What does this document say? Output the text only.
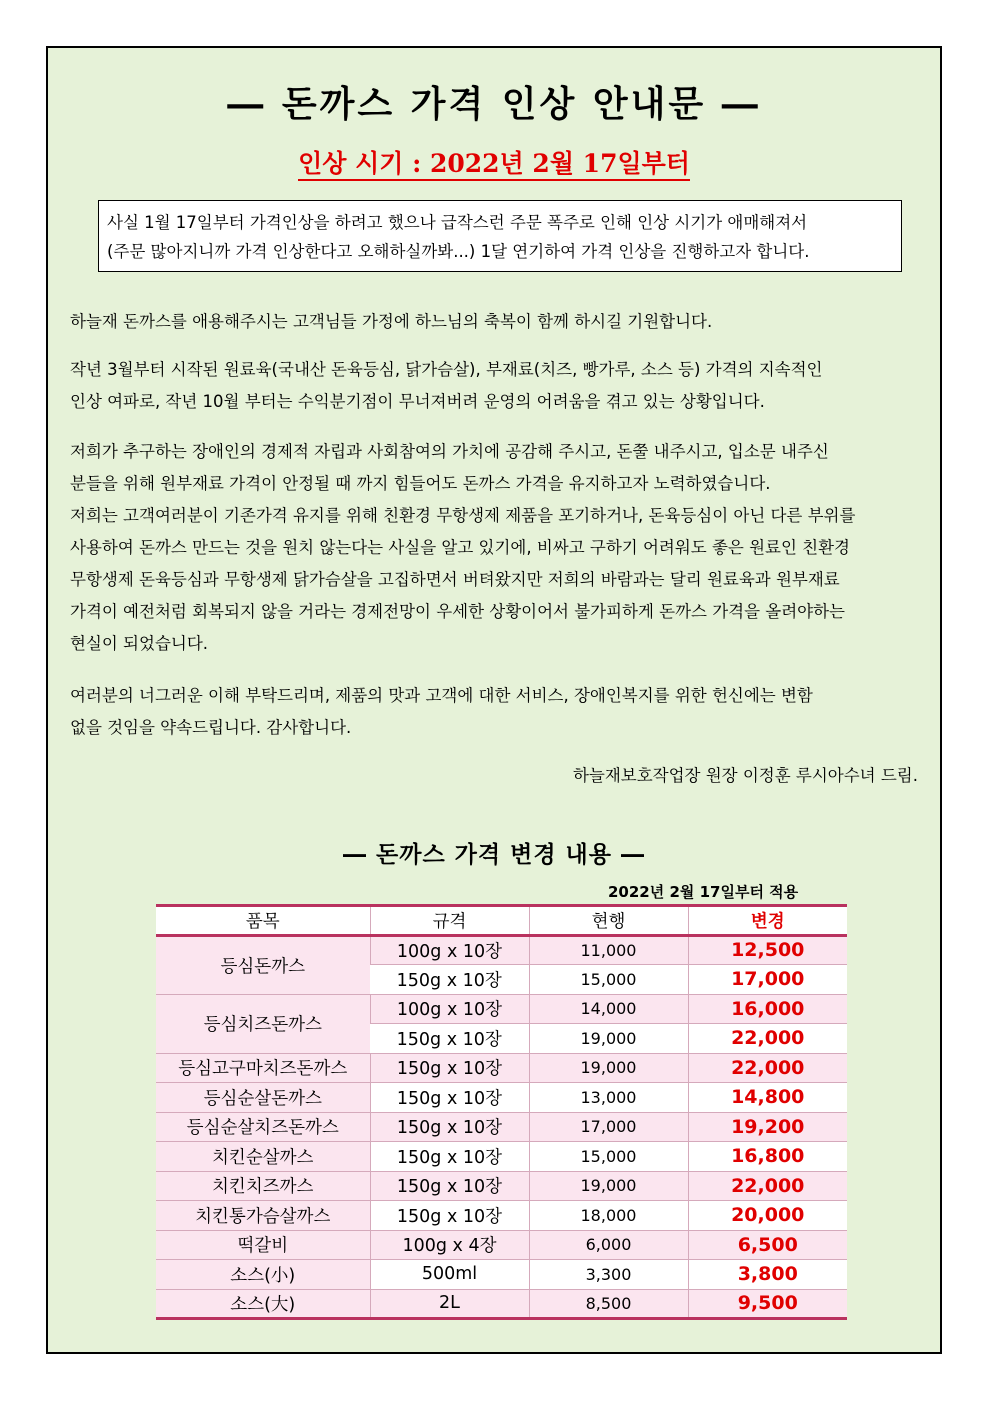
― 돈까스 가격 인상 안내문 ―
인상 시기 : 2022년 2월 17일부터
사실 1월 17일부터 가격인상을 하려고 했으나 급작스런 주문 폭주로 인해 인상 시기가 애매해져서
(주문 많아지니까 가격 인상한다고 오해하실까봐...) 1달 연기하여 가격 인상을 진행하고자 합니다.
하늘재 돈까스를 애용해주시는 고객님들 가정에 하느님의 축복이 함께 하시길 기원합니다.
작년 3월부터 시작된 원료육(국내산 돈육등심, 닭가슴살), 부재료(치즈, 빵가루, 소스 등) 가격의 지속적인
인상 여파로, 작년 10월 부터는 수익분기점이 무너져버려 운영의 어려움을 겪고 있는 상황입니다.
저희가 추구하는 장애인의 경제적 자립과 사회참여의 가치에 공감해 주시고, 돈쭐 내주시고, 입소문 내주신
분들을 위해 원부재료 가격이 안정될 때 까지 힘들어도 돈까스 가격을 유지하고자 노력하였습니다.
저희는 고객여러분이 기존가격 유지를 위해 친환경 무항생제 제품을 포기하거나, 돈육등심이 아닌 다른 부위를
사용하여 돈까스 만드는 것을 원치 않는다는 사실을 알고 있기에, 비싸고 구하기 어려워도 좋은 원료인 친환경
무항생제 돈육등심과 무항생제 닭가슴살을 고집하면서 버텨왔지만 저희의 바람과는 달리 원료육과 원부재료
가격이 예전처럼 회복되지 않을 거라는 경제전망이 우세한 상황이어서 불가피하게 돈까스 가격을 올려야하는
현실이 되었습니다.
여러분의 너그러운 이해 부탁드리며, 제품의 맛과 고객에 대한 서비스, 장애인복지를 위한 헌신에는 변함
없을 것임을 약속드립니다. 감사합니다.
하늘재보호작업장 원장 이정훈 루시아수녀 드림.
― 돈까스 가격 변경 내용 ―
2022년 2월 17일부터 적용
품목	규격	현행	변경
등심돈까스	100g x 10장	11,000	12,500
	150g x 10장	15,000	17,000
등심치즈돈까스	100g x 10장	14,000	16,000
	150g x 10장	19,000	22,000
등심고구마치즈돈까스	150g x 10장	19,000	22,000
등심순살돈까스	150g x 10장	13,000	14,800
등심순살치즈돈까스	150g x 10장	17,000	19,200
치킨순살까스	150g x 10장	15,000	16,800
치킨치즈까스	150g x 10장	19,000	22,000
치킨통가슴살까스	150g x 10장	18,000	20,000
떡갈비	100g x 4장	6,000	6,500
소스(小)	500ml	3,300	3,800
소스(大)	2L	8,500	9,500
